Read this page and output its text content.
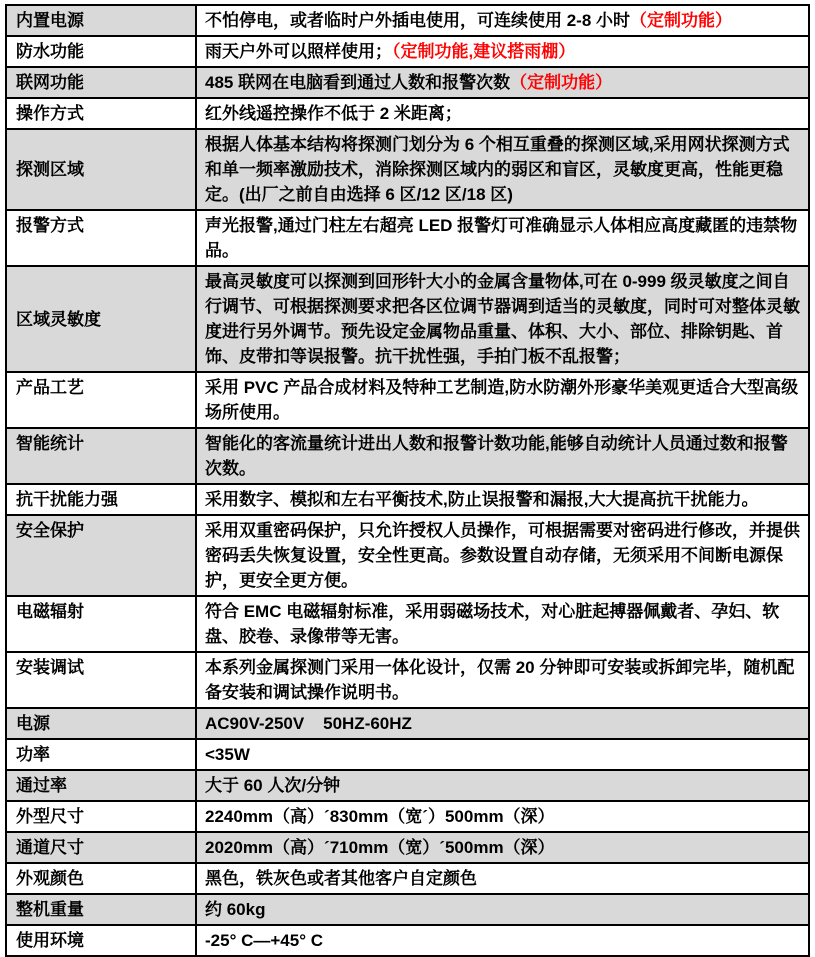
内置电源	不怕停电，或者临时户外插电使用，可连续使用 2-8 小时（定制功能）
防水功能	雨天户外可以照样使用；（定制功能,建议搭雨棚）
联网功能	485 联网在电脑看到通过人数和报警次数（定制功能）
操作方式	红外线遥控操作不低于 2 米距离；
探测区域	根据人体基本结构将探测门划分为 6 个相互重叠的探测区域,采用网状探测方式和单一频率激励技术，消除探测区域内的弱区和盲区，灵敏度更高，性能更稳定。(出厂之前自由选择 6 区/12 区/18 区)
报警方式	声光报警,通过门柱左右超亮 LED 报警灯可准确显示人体相应高度藏匿的违禁物品。
区域灵敏度	最高灵敏度可以探测到回形针大小的金属含量物体,可在 0-999 级灵敏度之间自行调节、可根据探测要求把各区位调节器调到适当的灵敏度，同时可对整体灵敏度进行另外调节。预先设定金属物品重量、体积、大小、部位、排除钥匙、首饰、皮带扣等误报警。抗干扰性强，手拍门板不乱报警；
产品工艺	采用 PVC 产品合成材料及特种工艺制造,防水防潮外形豪华美观更适合大型高级场所使用。
智能统计	智能化的客流量统计进出人数和报警计数功能,能够自动统计人员通过数和报警次数。
抗干扰能力强	采用数字、模拟和左右平衡技术,防止误报警和漏报,大大提高抗干扰能力。
安全保护	采用双重密码保护，只允许授权人员操作，可根据需要对密码进行修改，并提供密码丢失恢复设置，安全性更高。参数设置自动存储，无须采用不间断电源保护，更安全更方便。
电磁辐射	符合 EMC 电磁辐射标准，采用弱磁场技术，对心脏起搏器佩戴者、孕妇、软盘、胶卷、录像带等无害。
安装调试	本系列金属探测门采用一体化设计，仅需 20 分钟即可安装或拆卸完毕，随机配备安装和调试操作说明书。
电源	AC90V-250V    50HZ-60HZ
功率	<35W
通过率	大于 60 人次/分钟
外型尺寸	2240mm（高）´830mm（宽´）500mm（深）
通道尺寸	2020mm（高）´710mm（宽）´500mm（深）
外观颜色	黑色，铁灰色或者其他客户自定颜色
整机重量	约 60kg
使用环境	-25° C—+45° C
